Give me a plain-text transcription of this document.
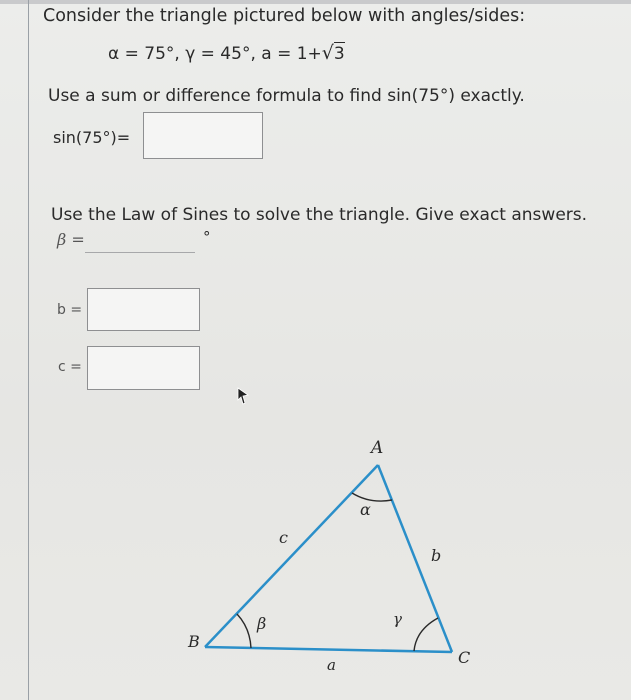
Consider the triangle pictured below with angles/sides:
α = 75°, γ = 45°, a = 1+√3
Use a sum or difference formula to find sin(75°) exactly.
sin(75°)=
Use the Law of Sines to solve the triangle. Give exact answers.
β =	°
b =
c =
A
B
C
c
b
a
α
β	γ
